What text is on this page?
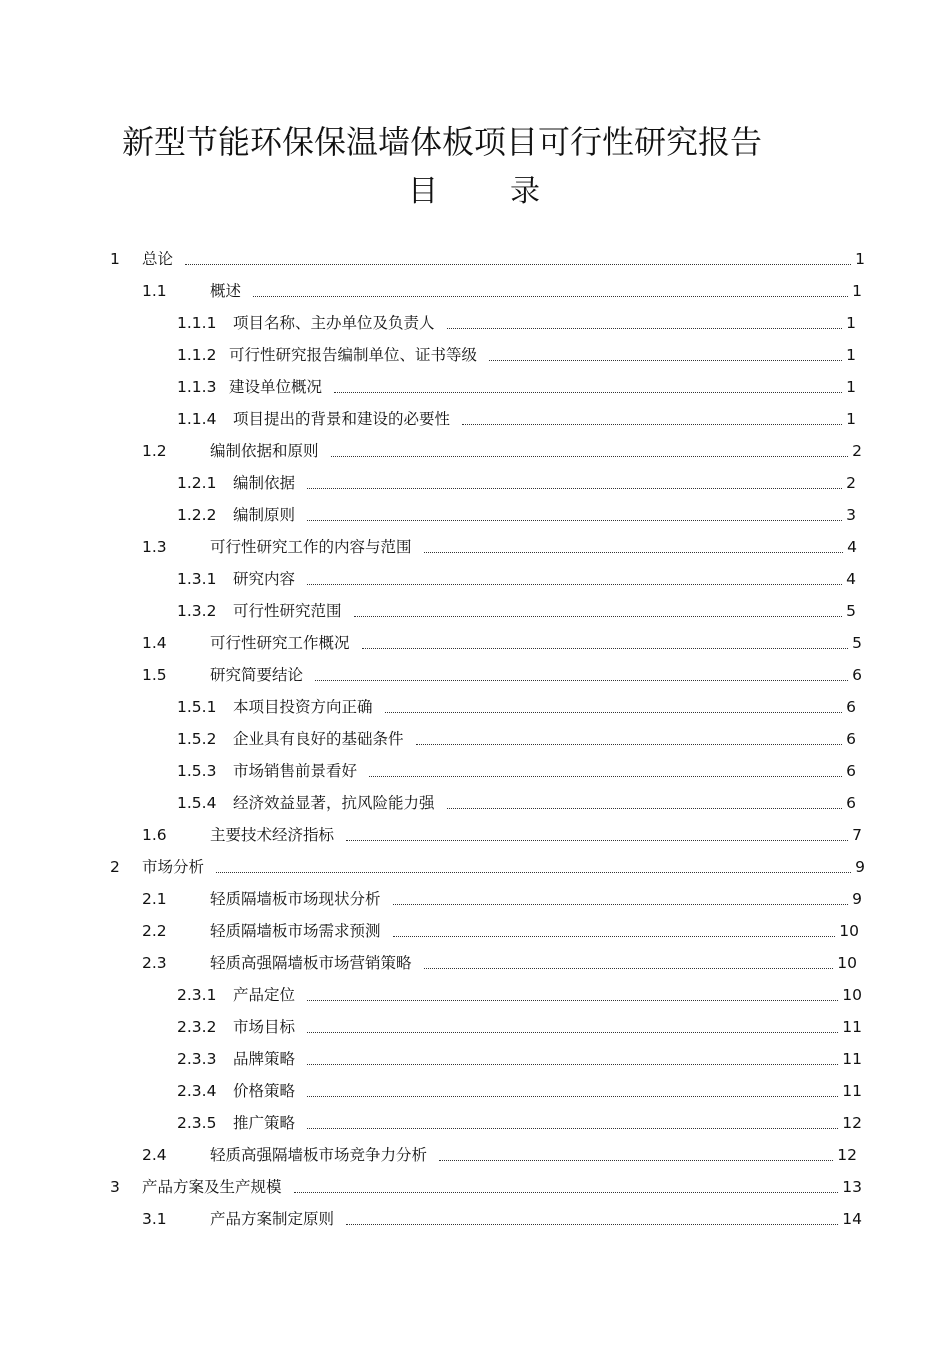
新型节能环保保温墙体板项目可行性研究报告
目 录
1	总论	1
1.1	概述	1
1.1.1	项目名称、主办单位及负责人	1
1.1.2 可行性研究报告编制单位、证书等级	1
1.1.3 建设单位概况	1
1.1.4	项目提出的背景和建设的必要性	1
1.2	编制依据和原则	2
1.2.1	编制依据	2
1.2.2	编制原则	3
1.3	可行性研究工作的内容与范围	4
1.3.1	研究内容	4
1.3.2	可行性研究范围	5
1.4	可行性研究工作概况	5
1.5	研究简要结论	6
1.5.1	本项目投资方向正确	6
1.5.2	企业具有良好的基础条件	6
1.5.3	市场销售前景看好	6
1.5.4	经济效益显著，抗风险能力强	6
1.6	主要技术经济指标	7
2	市场分析	9
2.1	轻质隔墙板市场现状分析	9
2.2	轻质隔墙板市场需求预测	10
2.3	轻质高强隔墙板市场营销策略	10
2.3.1	产品定位	10
2.3.2	市场目标	11
2.3.3	品牌策略	11
2.3.4	价格策略	11
2.3.5	推广策略	12
2.4	轻质高强隔墙板市场竞争力分析	12
3	产品方案及生产规模	13
3.1	产品方案制定原则	14
